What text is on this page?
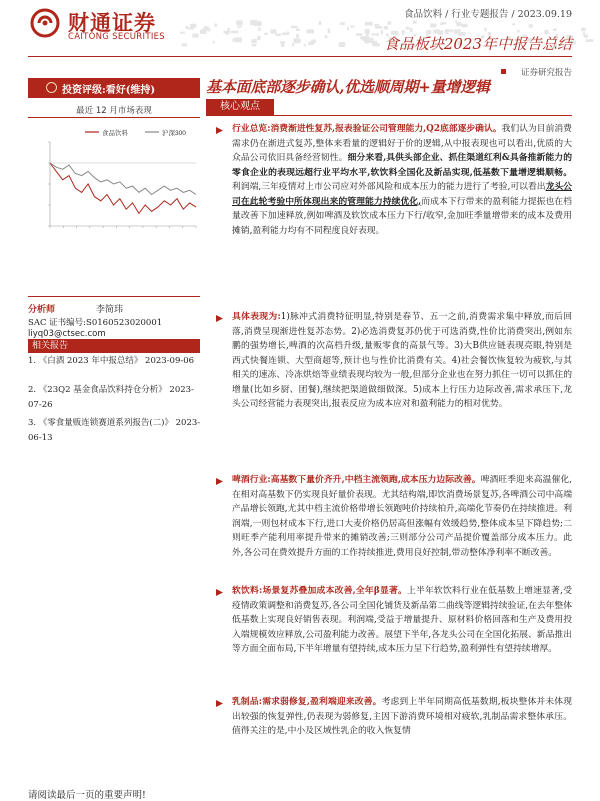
财通证券
CAITONG SECURITIES
食品饮料 / 行业专题报告 / 2023.09.19
食品板块2023年中报告总结
证券研究报告
投资评级:看好(维持)
最近 12 月市场表现
食品饮料	沪深300
分析师	李简玮
SAC 证书编号:S0160523020001
liyq03@ctsec.com
相关报告
1. 《白酒 2023 年中报总结》 2023-09-06
2. 《23Q2 基金食品饮料持仓分析》 2023-07-26
3. 《零食量贩连锁赛道系列报告(二)》 2023-06-13
基本面底部逐步确认,优选顺周期+量增逻辑
核心观点
行业总览:消费渐进性复苏,报表验证公司管理能力,Q2底部逐步确认。我们认为目前消费需求仍在渐进式复苏,整体来看量的逻辑好于价的逻辑,从中报表现也可以看出,优质的大众品公司依旧具备经营韧性。细分来看,具供头部企业、抓住渠道红利&具备推新能力的零食企业的表现远超行业平均水平,软饮料全国化及新品实现,低基数下量增逻辑顺畅。利润端,三年疫情对上市公司应对外部风险和成本压力的能力进行了考验,可以看出龙头公司在此轮考验中所体现出来的管理能力持续优化,而成本下行带来的盈利能力提振也在档量改善下加速释放,例如啤酒及软饮成本压力下行/收窄,金加旺季量增带来的成本及费用摊销,盈利能力均有不同程度良好表现。
具体表现为:1)脉冲式消费特征明显,特别是春节、五一之前,消费需求集中释放,而后回落,消费呈现渐进性复苏态势。2)必选消费复苏仍优于可选消费,性价比消费突出,例如东鹏的强势增长,啤酒的次高档升级,量贩零食的高景气等。3)大B供应链表现亮眼,特别是西式快餐连锁、大型商超等,预计也与性价比消费有关。4)社会餐饮恢复较为疲软,与其相关的速冻、冷冻烘焙等业绩表现均较为一般,但部分企业也在努力抓住一切可以抓住的增量(比如乡厨、团餐),继续把渠道做细做深。5)成本上行压力边际改善,需求承压下,龙头公司经营能力表现突出,报表反应为成本应对和盈利能力的相对优势。
啤酒行业:高基数下量价齐升,中档主流领跑,成本压力边际改善。啤酒旺季迎来高温催化,在相对高基数下仍实现良好量价表现。尤其结构端,即饮消费场景复苏,各啤酒公司中高端产品增长领跑,尤其中档主流价格带增长领跑吨价持续柏升,高端化节奏仍在持续推进。利润端,一则包材成本下行,进口大麦价格仍居高但涨幅有效缓趋势,整体成本呈下降趋势;二则旺季产能利用率提升带来的摊销改善;三则部分公司产品提价覆盖部分成本压力。此外,各公司在费效提升方面的工作持续推进,费用良好控制,带动整体净利率不断改善。
软饮料:场景复苏叠加成本改善,全年β显著。上半年软饮料行业在低基数上增速显著,受疫情政策调整和消费复苏,各公司全国化铺货及新品第二曲线等逻辑持续验证,在去年整体低基数上实现良好销售表现。利润端,受益于增量提升、原材料价格回落和生产及费用投入端规模效应释放,公司盈利能力改善。展望下半年,各龙头公司在全国化拓展、新品推出等方面全面布局,下半年增量有望持续,成本压力呈下行趋势,盈利弹性有望持续增厚。
乳制品:需求弱修复,盈利端迎来改善。考虑到上半年同期高低基数期,板块整体并未体现出较强的恢复弹性,仍表现为弱修复,主因下游消费环境相对疲软,乳制品需求整体承压。值得关注的是,中小及区域性乳企的收入恢复情
请阅读最后一页的重要声明!
